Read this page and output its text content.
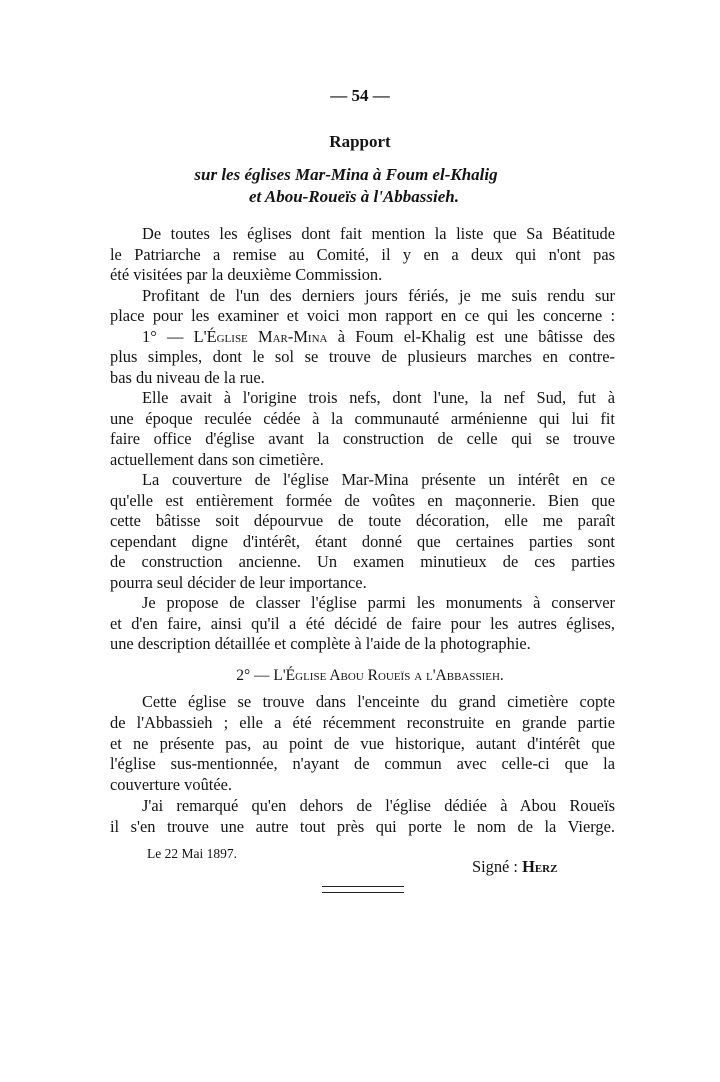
— 54 —
Rapport
sur les églises Mar-Mina à Foum el-Khalig
et Abou-Roueïs à l'Abbassieh.
De toutes les églises dont fait mention la liste que Sa Béatitude
le Patriarche a remise au Comité, il y en a deux qui n'ont pas
été visitées par la deuxième Commission.
Profitant de l'un des derniers jours fériés, je me suis rendu sur
place pour les examiner et voici mon rapport en ce qui les concerne :
1° — L'Église Mar-Mina à Foum el-Khalig est une bâtisse des
plus simples, dont le sol se trouve de plusieurs marches en contre-
bas du niveau de la rue.
Elle avait à l'origine trois nefs, dont l'une, la nef Sud, fut à
une époque reculée cédée à la communauté arménienne qui lui fit
faire office d'église avant la construction de celle qui se trouve
actuellement dans son cimetière.
La couverture de l'église Mar-Mina présente un intérêt en ce
qu'elle est entièrement formée de voûtes en maçonnerie. Bien que
cette bâtisse soit dépourvue de toute décoration, elle me paraît
cependant digne d'intérêt, étant donné que certaines parties sont
de construction ancienne. Un examen minutieux de ces parties
pourra seul décider de leur importance.
Je propose de classer l'église parmi les monuments à conserver
et d'en faire, ainsi qu'il a été décidé de faire pour les autres églises,
une description détaillée et complète à l'aide de la photographie.
2° — L'Église Abou Roueïs a l'Abbassieh.
Cette église se trouve dans l'enceinte du grand cimetière copte
de l'Abbassieh ; elle a été récemment reconstruite en grande partie
et ne présente pas, au point de vue historique, autant d'intérêt que
l'église sus-mentionnée, n'ayant de commun avec celle-ci que la
couverture voûtée.
J'ai remarqué qu'en dehors de l'église dédiée à Abou Roueïs
il s'en trouve une autre tout près qui porte le nom de la Vierge.
Le 22 Mai 1897.
Signé : Herz
